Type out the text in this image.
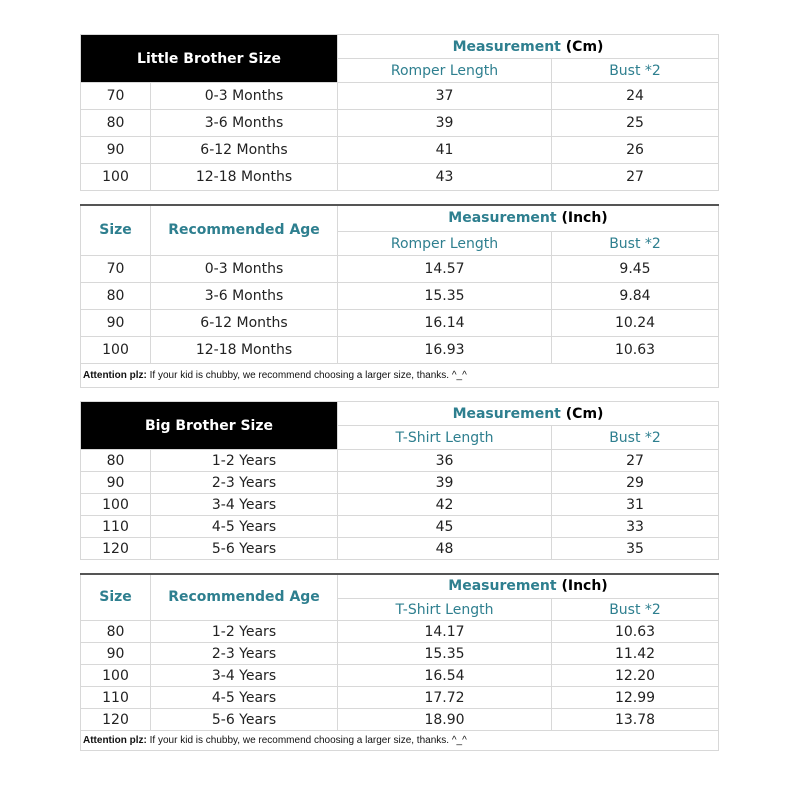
Little Brother Size		Measurement (Cm)	
		Romper Length	Bust *2
70	0-3 Months	37	24
80	3-6 Months	39	25
90	6-12 Months	41	26
100	12-18 Months	43	27

Size	Recommended Age	Measurement (Inch)	
		Romper Length	Bust *2
70	0-3 Months	14.57	9.45
80	3-6 Months	15.35	9.84
90	6-12 Months	16.14	10.24
100	12-18 Months	16.93	10.63
Attention plz: If your kid is chubby, we recommend choosing a larger size, thanks. ^_^			

Big Brother Size		Measurement (Cm)	
		T-Shirt Length	Bust *2
80	1-2 Years	36	27
90	2-3 Years	39	29
100	3-4 Years	42	31
110	4-5 Years	45	33
120	5-6 Years	48	35

Size	Recommended Age	Measurement (Inch)	
		T-Shirt Length	Bust *2
80	1-2 Years	14.17	10.63
90	2-3 Years	15.35	11.42
100	3-4 Years	16.54	12.20
110	4-5 Years	17.72	12.99
120	5-6 Years	18.90	13.78
Attention plz: If your kid is chubby, we recommend choosing a larger size, thanks. ^_^			
